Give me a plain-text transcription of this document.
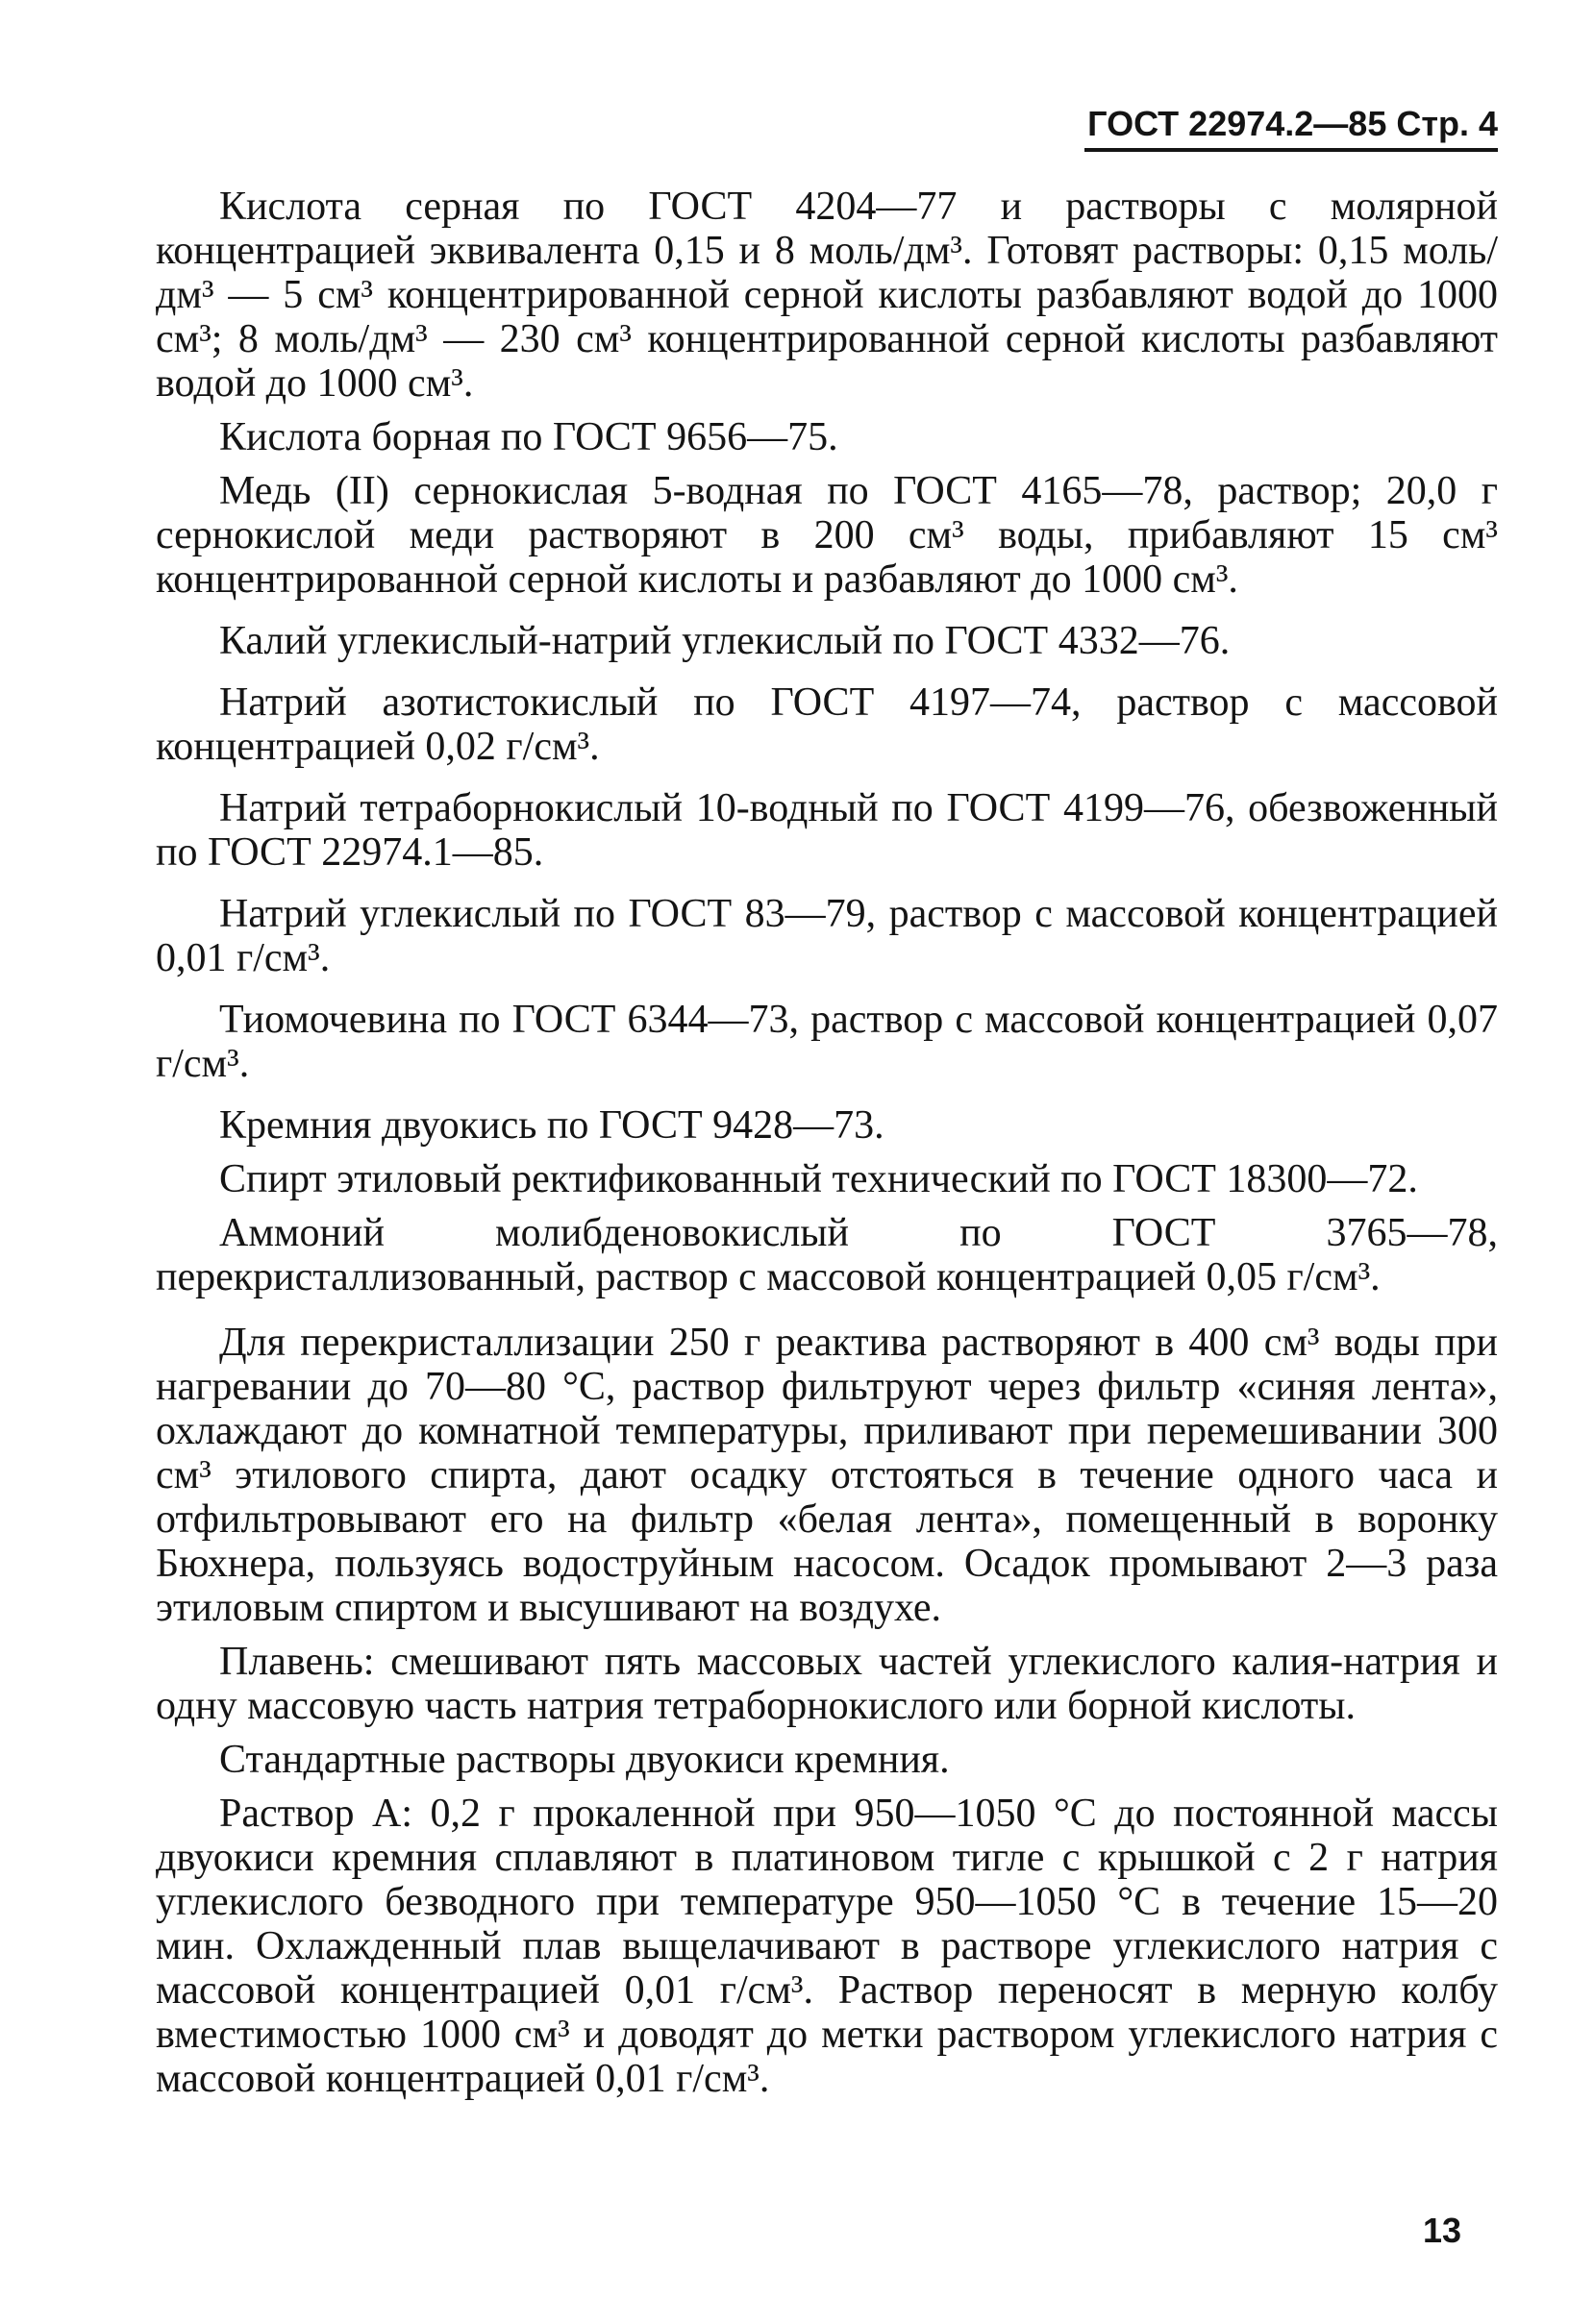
ГОСТ 22974.2—85 Стр. 4

Кислота серная по ГОСТ 4204—77 и растворы с молярной концентрацией эквивалента 0,15 и 8 моль/дм³. Готовят растворы: 0,15 моль/дм³ — 5 см³ концентрированной серной кислоты разбавляют водой до 1000 см³; 8 моль/дм³ — 230 см³ концентрированной серной кислоты разбавляют водой до 1000 см³.

Кислота борная по ГОСТ 9656—75.

Медь (II) сернокислая 5-водная по ГОСТ 4165—78, раствор; 20,0 г сернокислой меди растворяют в 200 см³ воды, прибавляют 15 см³ концентрированной серной кислоты и разбавляют до 1000 см³.

Калий углекислый-натрий углекислый по ГОСТ 4332—76.

Натрий азотистокислый по ГОСТ 4197—74, раствор с массовой концентрацией 0,02 г/см³.

Натрий тетраборнокислый 10-водный по ГОСТ 4199—76, обезвоженный по ГОСТ 22974.1—85.

Натрий углекислый по ГОСТ 83—79, раствор с массовой концентрацией 0,01 г/см³.

Тиомочевина по ГОСТ 6344—73, раствор с массовой концентрацией 0,07 г/см³.

Кремния двуокись по ГОСТ 9428—73.

Спирт этиловый ректификованный технический по ГОСТ 18300—72.

Аммоний молибденовокислый по ГОСТ 3765—78, перекристаллизованный, раствор с массовой концентрацией 0,05 г/см³.

Для перекристаллизации 250 г реактива растворяют в 400 см³ воды при нагревании до 70—80 °С, раствор фильтруют через фильтр «синяя лента», охлаждают до комнатной температуры, приливают при перемешивании 300 см³ этилового спирта, дают осадку отстояться в течение одного часа и отфильтровывают его на фильтр «белая лента», помещенный в воронку Бюхнера, пользуясь водоструйным насосом. Осадок промывают 2—3 раза этиловым спиртом и высушивают на воздухе.

Плавень: смешивают пять массовых частей углекислого калия-натрия и одну массовую часть натрия тетраборнокислого или борной кислоты.

Стандартные растворы двуокиси кремния.

Раствор А: 0,2 г прокаленной при 950—1050 °С до постоянной массы двуокиси кремния сплавляют в платиновом тигле с крышкой с 2 г натрия углекислого безводного при температуре 950—1050 °С в течение 15—20 мин. Охлажденный плав выщелачивают в растворе углекислого натрия с массовой концентрацией 0,01 г/см³. Раствор переносят в мерную колбу вместимостью 1000 см³ и доводят до метки раствором углекислого натрия с массовой концентрацией 0,01 г/см³.

13
